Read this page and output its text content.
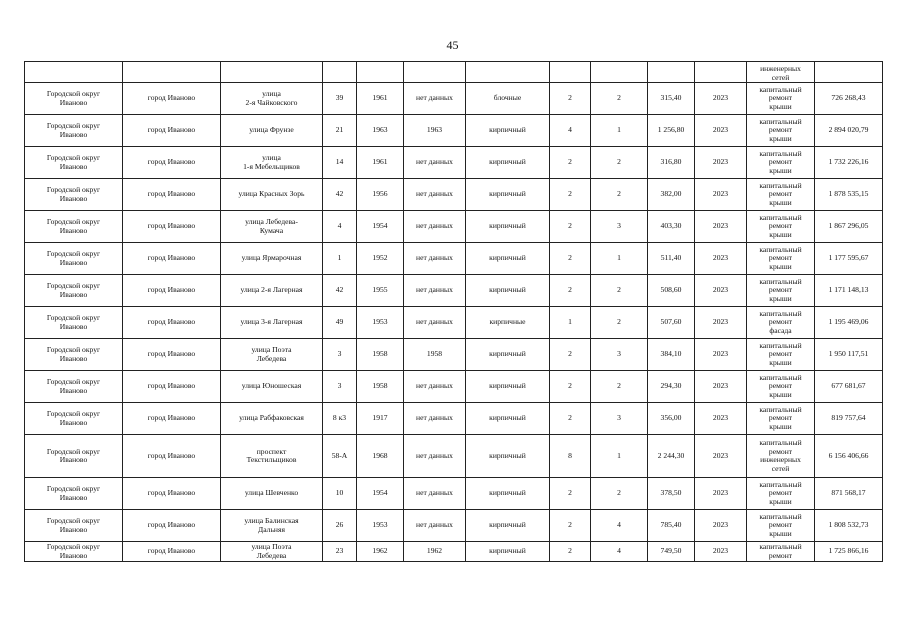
45
											инженерных
сетей	
Городской округ
Иваново	город Иваново	улица
2-я Чайковского	39	1961	нет данных	блочные	2	2	315,40	2023	капитальный
ремонт
крыши	726 268,43
Городской округ
Иваново	город Иваново	улица Фрунзе	21	1963	1963	кирпичный	4	1	1 256,80	2023	капитальный
ремонт
крыши	2 894 020,79
Городской округ
Иваново	город Иваново	улица
1-я Мебельщиков	14	1961	нет данных	кирпичный	2	2	316,80	2023	капитальный
ремонт
крыши	1 732 226,16
Городской округ
Иваново	город Иваново	улица Красных Зорь	42	1956	нет данных	кирпичный	2	2	382,00	2023	капитальный
ремонт
крыши	1 878 535,15
Городской округ
Иваново	город Иваново	улица Лебедева-
Кумача	4	1954	нет данных	кирпичный	2	3	403,30	2023	капитальный
ремонт
крыши	1 867 296,05
Городской округ
Иваново	город Иваново	улица Ярмарочная	1	1952	нет данных	кирпичный	2	1	511,40	2023	капитальный
ремонт
крыши	1 177 595,67
Городской округ
Иваново	город Иваново	улица 2-я Лагерная	42	1955	нет данных	кирпичный	2	2	508,60	2023	капитальный
ремонт
крыши	1 171 148,13
Городской округ
Иваново	город Иваново	улица 3-я Лагерная	49	1953	нет данных	кирпичные	1	2	507,60	2023	капитальный
ремонт
фасада	1 195 469,06
Городской округ
Иваново	город Иваново	улица Поэта
Лебедева	3	1958	1958	кирпичный	2	3	384,10	2023	капитальный
ремонт
крыши	1 950 117,51
Городской округ
Иваново	город Иваново	улица Юношеская	3	1958	нет данных	кирпичный	2	2	294,30	2023	капитальный
ремонт
крыши	677 681,67
Городской округ
Иваново	город Иваново	улица Рабфаковская	8 к3	1917	нет данных	кирпичный	2	3	356,00	2023	капитальный
ремонт
крыши	819 757,64
Городской округ
Иваново	город Иваново	проспект
Текстильщиков	58-А	1968	нет данных	кирпичный	8	1	2 244,30	2023	капитальный
ремонт
инженерных
сетей	6 156 406,66
Городской округ
Иваново	город Иваново	улица Шевченко	10	1954	нет данных	кирпичный	2	2	378,50	2023	капитальный
ремонт
крыши	871 568,17
Городской округ
Иваново	город Иваново	улица Балинская
Дальняя	26	1953	нет данных	кирпичный	2	4	785,40	2023	капитальный
ремонт
крыши	1 808 532,73
Городской округ
Иваново	город Иваново	улица Поэта
Лебедева	23	1962	1962	кирпичный	2	4	749,50	2023	капитальный
ремонт	1 725 866,16
